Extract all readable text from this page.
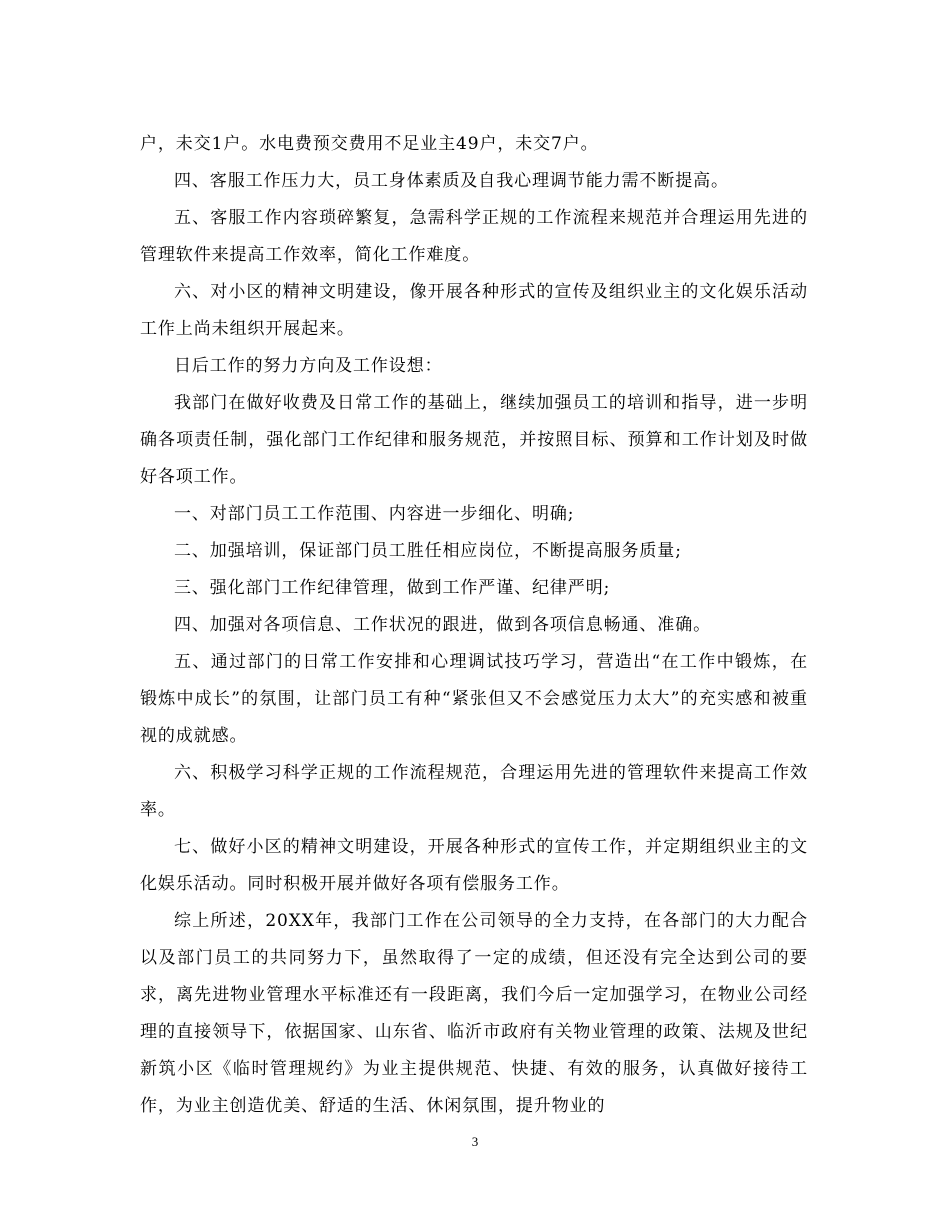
户，未交1户。水电费预交费用不足业主49户，未交7户。

四、客服工作压力大，员工身体素质及自我心理调节能力需不断提高。

五、客服工作内容琐碎繁复，急需科学正规的工作流程来规范并合理运用先进的管理软件来提高工作效率，简化工作难度。

六、对小区的精神文明建设，像开展各种形式的宣传及组织业主的文化娱乐活动工作上尚未组织开展起来。

日后工作的努力方向及工作设想：

我部门在做好收费及日常工作的基础上，继续加强员工的培训和指导，进一步明确各项责任制，强化部门工作纪律和服务规范，并按照目标、预算和工作计划及时做好各项工作。

一、对部门员工工作范围、内容进一步细化、明确;

二、加强培训，保证部门员工胜任相应岗位，不断提高服务质量;

三、强化部门工作纪律管理，做到工作严谨、纪律严明;

四、加强对各项信息、工作状况的跟进，做到各项信息畅通、准确。

五、通过部门的日常工作安排和心理调试技巧学习，营造出“在工作中锻炼，在锻炼中成长”的氛围，让部门员工有种“紧张但又不会感觉压力太大”的充实感和被重视的成就感。

六、积极学习科学正规的工作流程规范，合理运用先进的管理软件来提高工作效率。

七、做好小区的精神文明建设，开展各种形式的宣传工作，并定期组织业主的文化娱乐活动。同时积极开展并做好各项有偿服务工作。

综上所述，20XX年，我部门工作在公司领导的全力支持，在各部门的大力配合以及部门员工的共同努力下，虽然取得了一定的成绩，但还没有完全达到公司的要求，离先进物业管理水平标准还有一段距离，我们今后一定加强学习，在物业公司经理的直接领导下，依据国家、山东省、临沂市政府有关物业管理的政策、法规及世纪新筑小区《临时管理规约》为业主提供规范、快捷、有效的服务，认真做好接待工作，为业主创造优美、舒适的生活、休闲氛围，提升物业的

3
